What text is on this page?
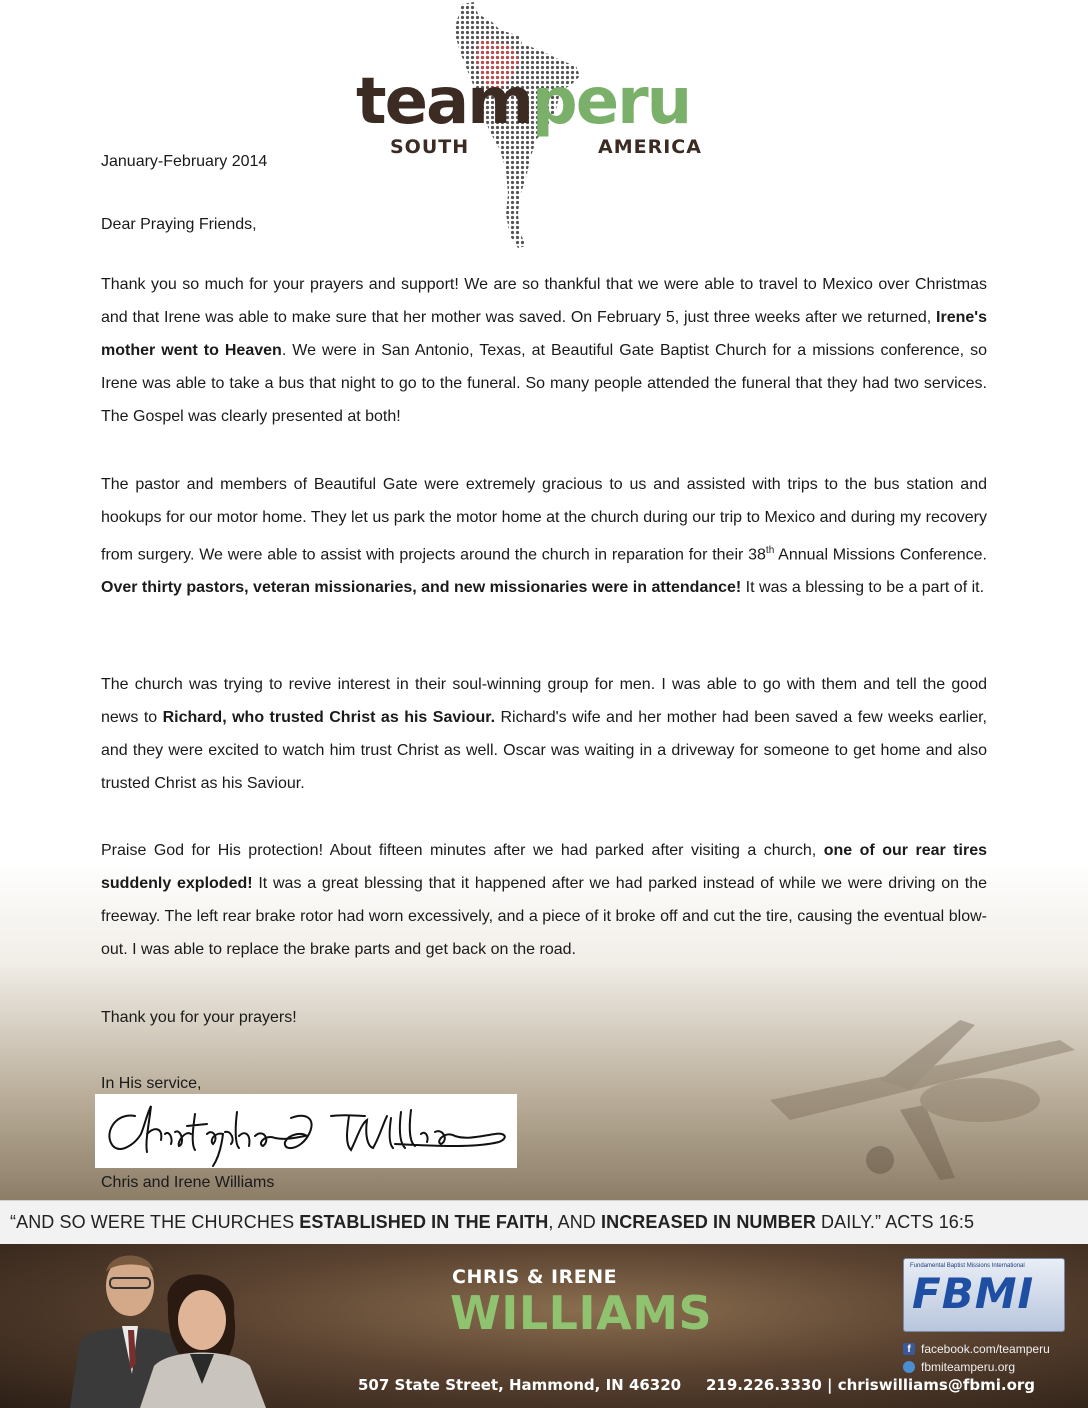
teamperu
SOUTH	AMERICA
January-February 2014
Dear Praying Friends,
Thank you so much for your prayers and support! We are so thankful that we were able to travel to Mexico over Christmas and that Irene was able to make sure that her mother was saved. On February 5, just three weeks after we returned, Irene's mother went to Heaven. We were in San Antonio, Texas, at Beautiful Gate Baptist Church for a missions conference, so Irene was able to take a bus that night to go to the funeral. So many people attended the funeral that they had two services. The Gospel was clearly presented at both!
The pastor and members of Beautiful Gate were extremely gracious to us and assisted with trips to the bus station and hookups for our motor home. They let us park the motor home at the church during our trip to Mexico and during my recovery from surgery. We were able to assist with projects around the church in reparation for their 38th Annual Missions Conference. Over thirty pastors, veteran missionaries, and new missionaries were in attendance! It was a blessing to be a part of it.
The church was trying to revive interest in their soul-winning group for men. I was able to go with them and tell the good news to Richard, who trusted Christ as his Saviour. Richard's wife and her mother had been saved a few weeks earlier, and they were excited to watch him trust Christ as well. Oscar was waiting in a driveway for someone to get home and also trusted Christ as his Saviour.
Praise God for His protection! About fifteen minutes after we had parked after visiting a church, one of our rear tires suddenly exploded! It was a great blessing that it happened after we had parked instead of while we were driving on the freeway. The left rear brake rotor had worn excessively, and a piece of it broke off and cut the tire, causing the eventual blow-out. I was able to replace the brake parts and get back on the road.
Thank you for your prayers!
In His service,
Chris and Irene Williams
“AND SO WERE THE CHURCHES ESTABLISHED IN THE FAITH, AND INCREASED IN NUMBER DAILY.” ACTS 16:5
CHRIS & IRENE
WILLIAMS
Fundamental Baptist Missions International
FBMI
f facebook.com/teamperu
fbmiteamperu.org
507 State Street, Hammond, IN 46320 219.226.3330 | chriswilliams@fbmi.org
